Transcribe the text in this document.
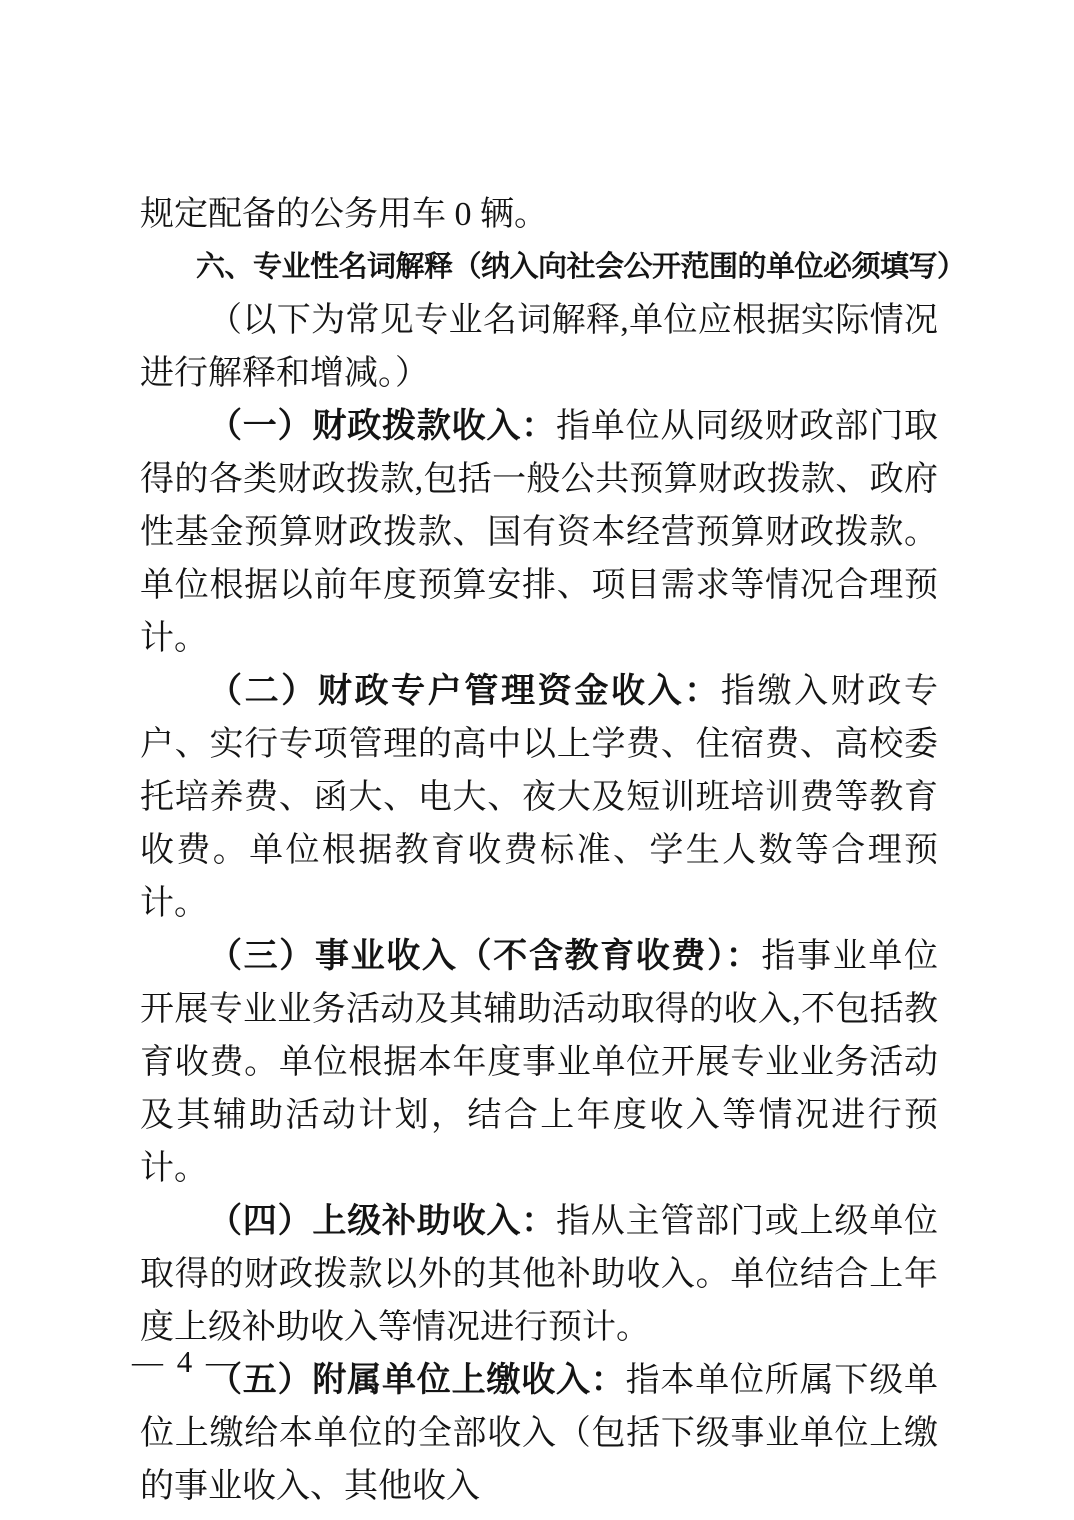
规定配备的公务用车 0 辆。

六、专业性名词解释（纳入向社会公开范围的单位必须填写）

（以下为常见专业名词解释,单位应根据实际情况进行解释和增减。）

（一）财政拨款收入：指单位从同级财政部门取得的各类财政拨款,包括一般公共预算财政拨款、政府性基金预算财政拨款、国有资本经营预算财政拨款。单位根据以前年度预算安排、项目需求等情况合理预计。

（二）财政专户管理资金收入：指缴入财政专户、实行专项管理的高中以上学费、住宿费、高校委托培养费、函大、电大、夜大及短训班培训费等教育收费。单位根据教育收费标准、学生人数等合理预计。

（三）事业收入（不含教育收费）：指事业单位开展专业业务活动及其辅助活动取得的收入,不包括教育收费。单位根据本年度事业单位开展专业业务活动及其辅助活动计划，结合上年度收入等情况进行预计。

（四）上级补助收入：指从主管部门或上级单位取得的财政拨款以外的其他补助收入。单位结合上年度上级补助收入等情况进行预计。

（五）附属单位上缴收入：指本单位所属下级单位上缴给本单位的全部收入（包括下级事业单位上缴的事业收入、其他收入

— 4 —
